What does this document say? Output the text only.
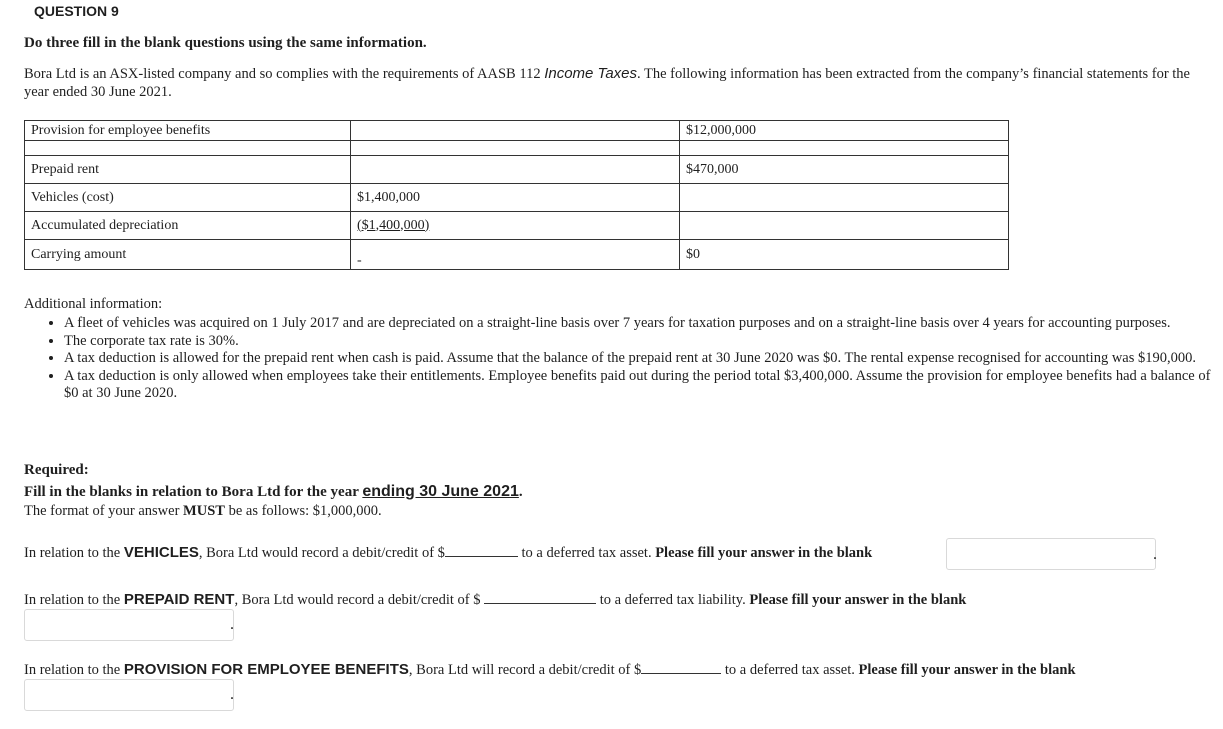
QUESTION 9
Do three fill in the blank questions using the same information.
Bora Ltd is an ASX-listed company and so complies with the requirements of AASB 112 Income Taxes. The following information has been extracted from the company’s financial statements for the year ended 30 June 2021.
Provision for employee benefits		$12,000,000

Prepaid rent		$470,000
Vehicles (cost)	$1,400,000	
Accumulated depreciation	($1,400,000)	
Carrying amount	-	$0
Additional information:
• A fleet of vehicles was acquired on 1 July 2017 and are depreciated on a straight-line basis over 7 years for taxation purposes and on a straight-line basis over 4 years for accounting purposes.
• The corporate tax rate is 30%.
• A tax deduction is allowed for the prepaid rent when cash is paid. Assume that the balance of the prepaid rent at 30 June 2020 was $0. The rental expense recognised for accounting was $190,000.
• A tax deduction is only allowed when employees take their entitlements. Employee benefits paid out during the period total $3,400,000. Assume the provision for employee benefits had a balance of $0 at 30 June 2020.
Required:
Fill in the blanks in relation to Bora Ltd for the year ending 30 June 2021.
The format of your answer MUST be as follows: $1,000,000.
In relation to the VEHICLES, Bora Ltd would record a debit/credit of $	to a deferred tax asset. Please fill your answer in the blank	.
In relation to the PREPAID RENT, Bora Ltd would record a debit/credit of $	to a deferred tax liability. Please fill your answer in the blank
.
In relation to the PROVISION FOR EMPLOYEE BENEFITS, Bora Ltd will record a debit/credit of $	to a deferred tax asset. Please fill your answer in the blank
.
